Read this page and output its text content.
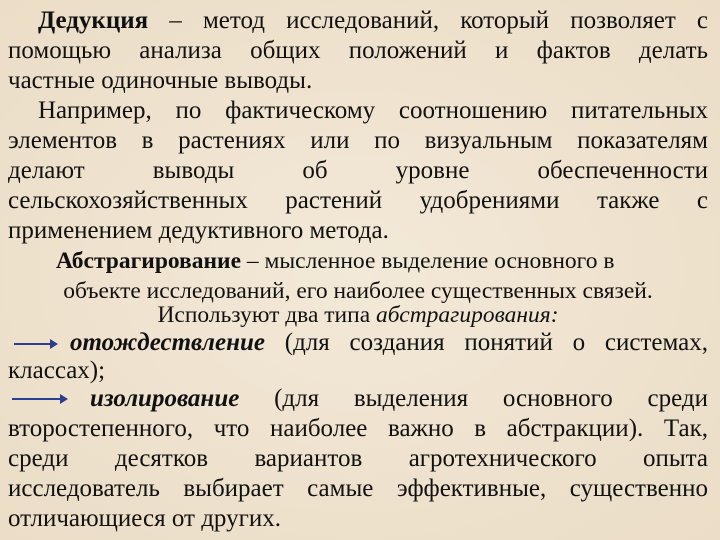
Дедукция – метод исследований, который позволяет с
помощью анализа общих положений и фактов делать
частные одиночные выводы.
Например, по фактическому соотношению питательных
элементов в растениях или по визуальным показателям
делают выводы об уровне обеспеченности
сельскохозяйственных растений удобрениями также с
применением дедуктивного метода.
Абстрагирование – мысленное выделение основного в
объекте исследований, его наиболее существенных связей.
Используют два типа абстрагирования:
отождествление (для создания понятий о системах,
классах);
изолирование (для выделения основного среди
второстепенного, что наиболее важно в абстракции). Так,
среди десятков вариантов агротехнического опыта
исследователь выбирает самые эффективные, существенно
отличающиеся от других.
